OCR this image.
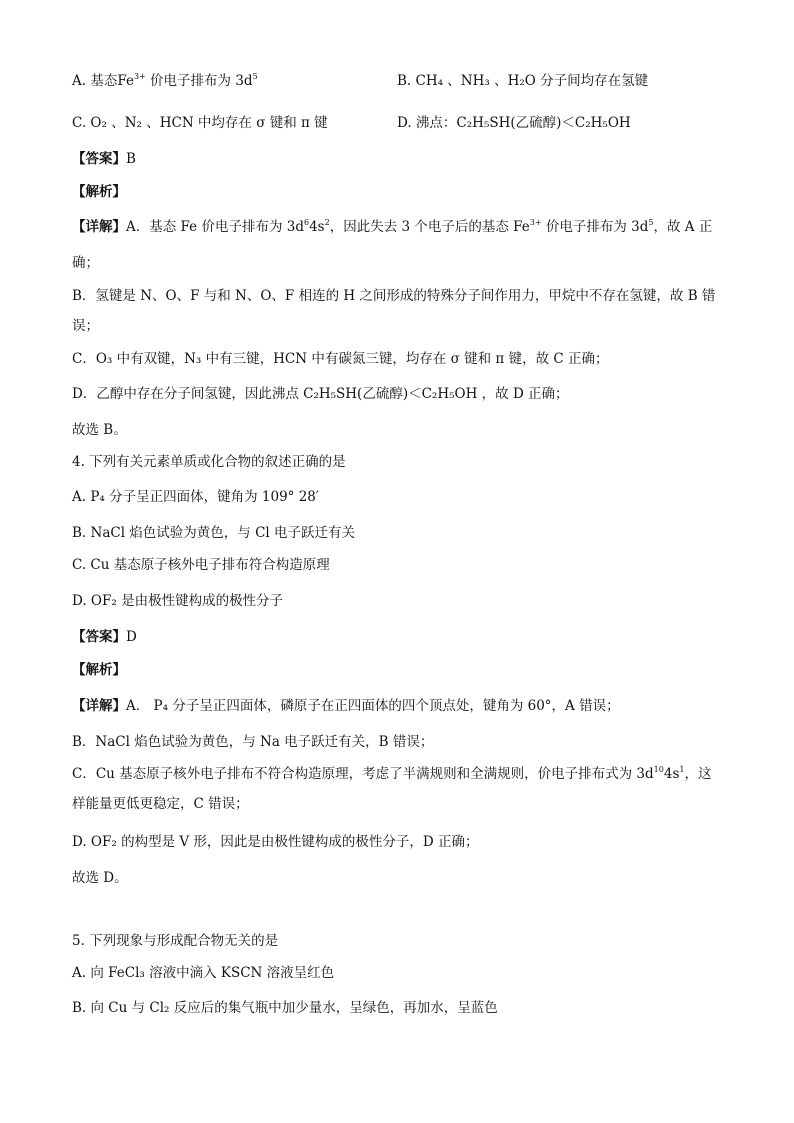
A. 基态$Fe^{3+}$ 价电子排布为 $3d^5$	B. CH₄ 、NH₃ 、H₂O 分子间均存在氢键
C. O₂ 、N₂ 、HCN 中均存在 σ 键和 π 键	D. 沸点：C₂H₅SH(乙硫醇)＜C₂H₅OH
【答案】B
【解析】
【详解】A．基态 Fe 价电子排布为 $3d^64s^2$，因此失去 3 个电子后的基态 $Fe^{3+}$ 价电子排布为 $3d^5$，故 A 正
确；
B．氢键是 N、O、F 与和 N、O、F 相连的 H 之间形成的特殊分子间作用力，甲烷中不存在氢键，故 B 错
误；
C．O₃ 中有双键，N₃ 中有三键，HCN 中有碳氮三键，均存在 σ 键和 π 键，故 C 正确；
D．乙醇中存在分子间氢键，因此沸点 C₂H₅SH(乙硫醇)＜C₂H₅OH ，故 D 正确；
故选 B。
4. 下列有关元素单质或化合物的叙述正确的是
A. P₄ 分子呈正四面体，键角为 109° 28′
B. NaCl 焰色试验为黄色，与 Cl 电子跃迁有关
C. Cu 基态原子核外电子排布符合构造原理
D. OF₂ 是由极性键构成的极性分子
【答案】D
【解析】
【详解】A． P₄ 分子呈正四面体，磷原子在正四面体的四个顶点处，键角为 60°，A 错误；
B．NaCl 焰色试验为黄色，与 Na 电子跃迁有关，B 错误；
C．Cu 基态原子核外电子排布不符合构造原理，考虑了半满规则和全满规则，价电子排布式为 $3d^{10}4s^1$，这
样能量更低更稳定，C 错误；
D. OF₂ 的构型是 V 形，因此是由极性键构成的极性分子，D 正确；
故选 D。
5. 下列现象与形成配合物无关的是
A. 向 FeCl₃ 溶液中滴入 KSCN 溶液呈红色
B. 向 Cu 与 Cl₂ 反应后的集气瓶中加少量水，呈绿色，再加水，呈蓝色
